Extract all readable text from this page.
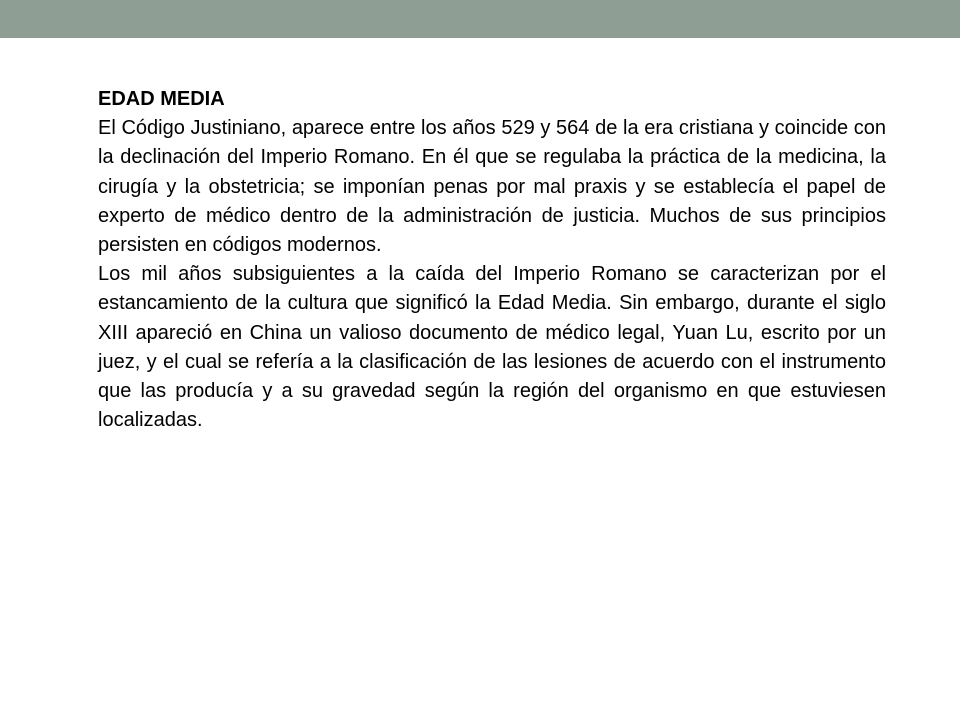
EDAD MEDIA

El Código Justiniano, aparece entre los años 529 y 564 de la era cristiana y coincide con la declinación del Imperio Romano. En él que se regulaba la práctica de la medicina, la cirugía y la obstetricia; se imponían penas por mal praxis y se establecía el papel de experto de médico dentro de la administración de justicia. Muchos de sus principios persisten en códigos modernos.

Los mil años subsiguientes a la caída del Imperio Romano se caracterizan por el estancamiento de la cultura que significó la Edad Media. Sin embargo, durante el siglo XIII apareció en China un valioso documento de médico legal, Yuan Lu, escrito por un juez, y el cual se refería a la clasificación de las lesiones de acuerdo con el instrumento que las producía y a su gravedad según la región del organismo en que estuviesen localizadas.
